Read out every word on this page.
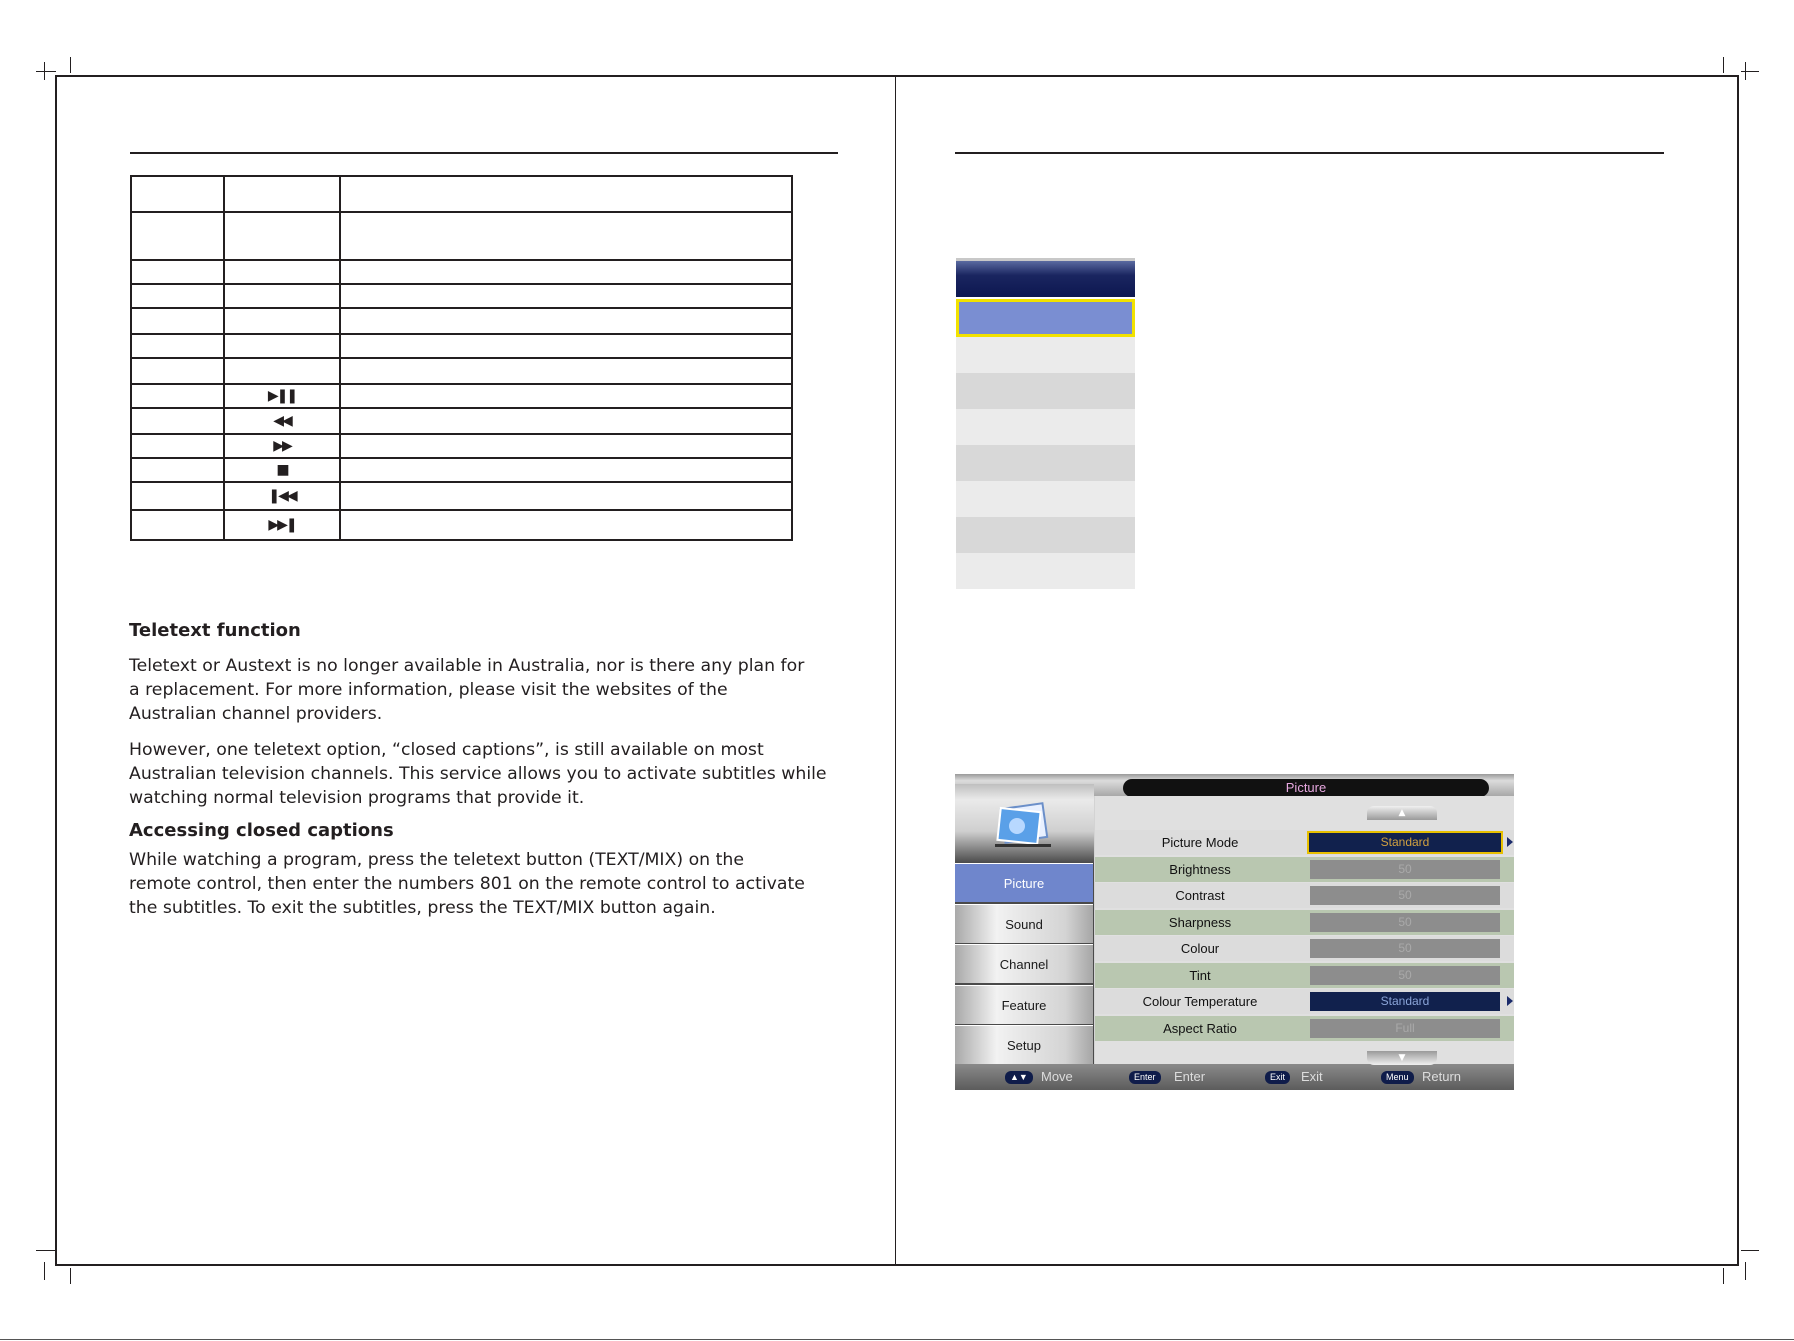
	▶❚❚	
	◀◀	
	▶▶	
	■	
	❚◀◀	
	▶▶❚	
Teletext function
Teletext or Austext is no longer available in Australia, nor is there any plan for a replacement. For more information, please visit the websites of the Australian channel providers.
However, one teletext option, “closed captions”, is still available on most Australian television channels. This service allows you to activate subtitles while watching normal television programs that provide it.
Accessing closed captions
While watching a program, press the teletext button (TEXT/MIX) on the remote control, then enter the numbers 801 on the remote control to activate the subtitles. To exit the subtitles, press the TEXT/MIX button again.
Picture
Picture
Sound
Channel
Feature
Setup
Picture Mode	Standard
Brightness	50
Contrast	50
Sharpness	50
Colour	50
Tint	50
Colour Temperature	Standard
Aspect Ratio	Full
▲▼	Move	Enter	Enter	Exit	Exit	Menu	Return
▲
▼
